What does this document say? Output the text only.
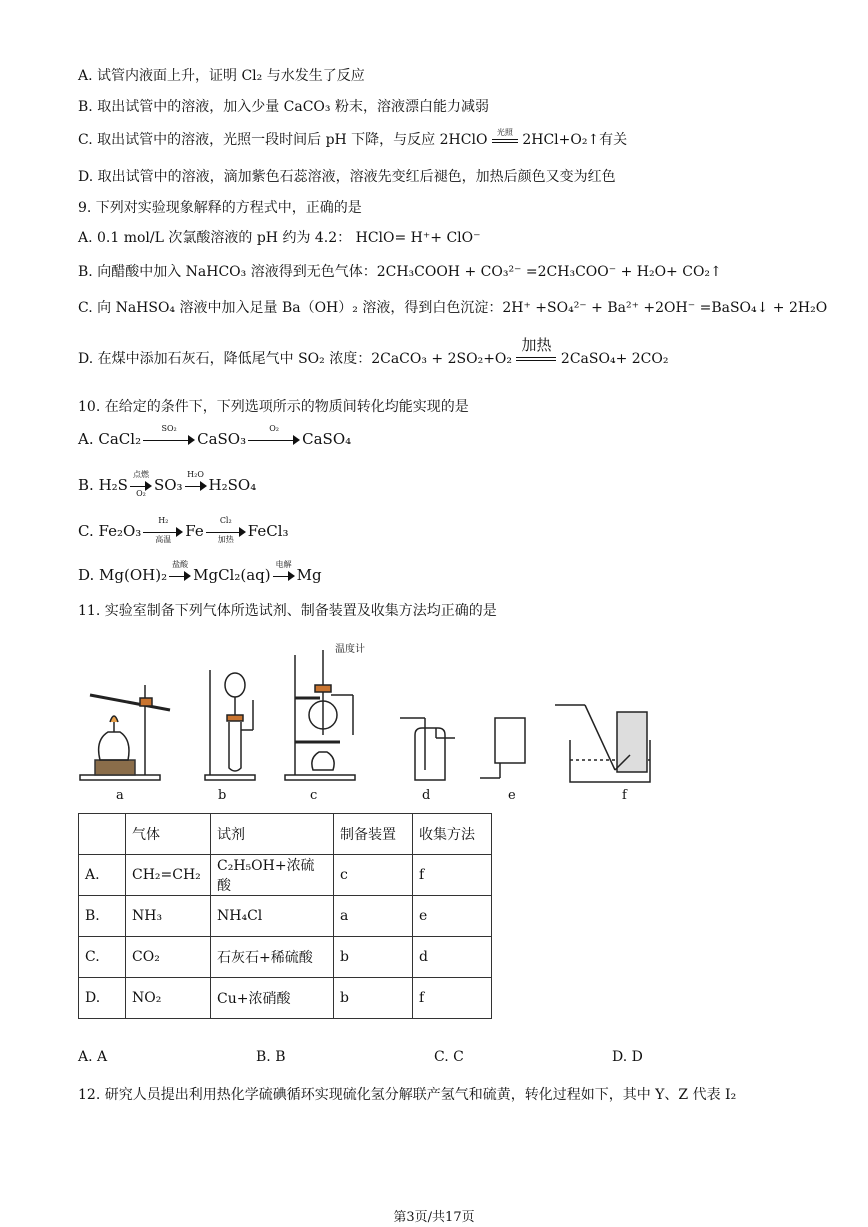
A. 试管内液面上升，证明 Cl₂ 与水发生了反应
B. 取出试管中的溶液，加入少量 CaCO₃ 粉末，溶液漂白能力减弱
C. 取出试管中的溶液，光照一段时间后 pH 下降，与反应 2HClO	光照 2HCl+O₂↑有关
D. 取出试管中的溶液，滴加紫色石蕊溶液，溶液先变红后褪色，加热后颜色又变为红色
9. 下列对实验现象解释的方程式中，正确的是
A. 0.1 mol/L 次氯酸溶液的 pH 约为 4.2： HClO= H⁺+ ClO⁻
B. 向醋酸中加入 NaHCO₃ 溶液得到无色气体：2CH₃COOH + CO₃²⁻ =2CH₃COO⁻ + H₂O+ CO₂↑
C. 向 NaHSO₄ 溶液中加入足量 Ba（OH）₂ 溶液，得到白色沉淀：2H⁺ +SO₄²⁻ + Ba²⁺ +2OH⁻ =BaSO₄↓ + 2H₂O
D. 在煤中添加石灰石，降低尾气中 SO₂ 浓度：2CaCO₃ + 2SO₂+O₂
加热
2CaSO₄+ 2CO₂
10. 在给定的条件下，下列选项所示的物质间转化均能实现的是
A. CaCl₂
SO₂
CaSO₃
O₂
CaSO₄
B. H₂S
点燃
O₂ SO₃
H₂O
H₂SO₄
C. Fe₂O₃
H₂
高温 Fe
Cl₂
加热 FeCl₃
D. Mg(OH)₂
盐酸
MgCl₂(aq)
电解
Mg
11. 实验室制备下列气体所选试剂、制备装置及收集方法均正确的是
温度计
a	b	c	d	e	f
	气体	试剂	制备装置	收集方法
A.	CH₂=CH₂	C₂H₅OH+浓硫酸	c	f
B.	NH₃	NH₄Cl	a	e
C.	CO₂	石灰石+稀硫酸	b	d
D.	NO₂	Cu+浓硝酸	b	f
A. A	B. B	C. C	D. D
12. 研究人员提出利用热化学硫碘循环实现硫化氢分解联产氢气和硫黄，转化过程如下，其中 Y、Z 代表 I₂
第3页/共17页
